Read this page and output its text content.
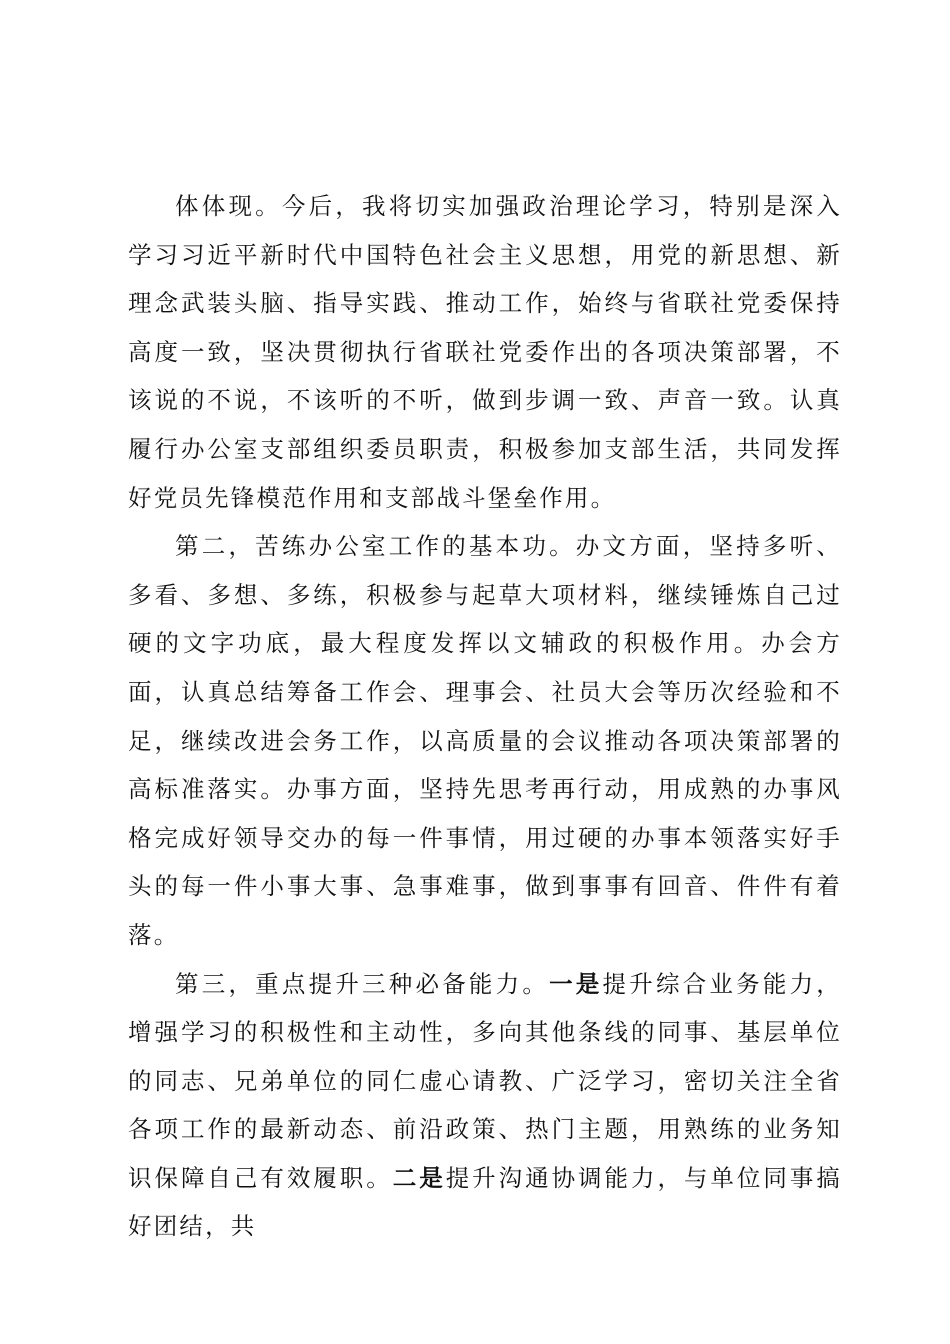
体体现。今后，我将切实加强政治理论学习，特别是深入学习习近平新时代中国特色社会主义思想，用党的新思想、新理念武装头脑、指导实践、推动工作，始终与省联社党委保持高度一致，坚决贯彻执行省联社党委作出的各项决策部署，不该说的不说，不该听的不听，做到步调一致、声音一致。认真履行办公室支部组织委员职责，积极参加支部生活，共同发挥好党员先锋模范作用和支部战斗堡垒作用。

第二，苦练办公室工作的基本功。办文方面，坚持多听、多看、多想、多练，积极参与起草大项材料，继续锤炼自己过硬的文字功底，最大程度发挥以文辅政的积极作用。办会方面，认真总结筹备工作会、理事会、社员大会等历次经验和不足，继续改进会务工作，以高质量的会议推动各项决策部署的高标准落实。办事方面，坚持先思考再行动，用成熟的办事风格完成好领导交办的每一件事情，用过硬的办事本领落实好手头的每一件小事大事、急事难事，做到事事有回音、件件有着落。

第三，重点提升三种必备能力。一是提升综合业务能力，增强学习的积极性和主动性，多向其他条线的同事、基层单位的同志、兄弟单位的同仁虚心请教、广泛学习，密切关注全省各项工作的最新动态、前沿政策、热门主题，用熟练的业务知识保障自己有效履职。二是提升沟通协调能力，与单位同事搞好团结，共
